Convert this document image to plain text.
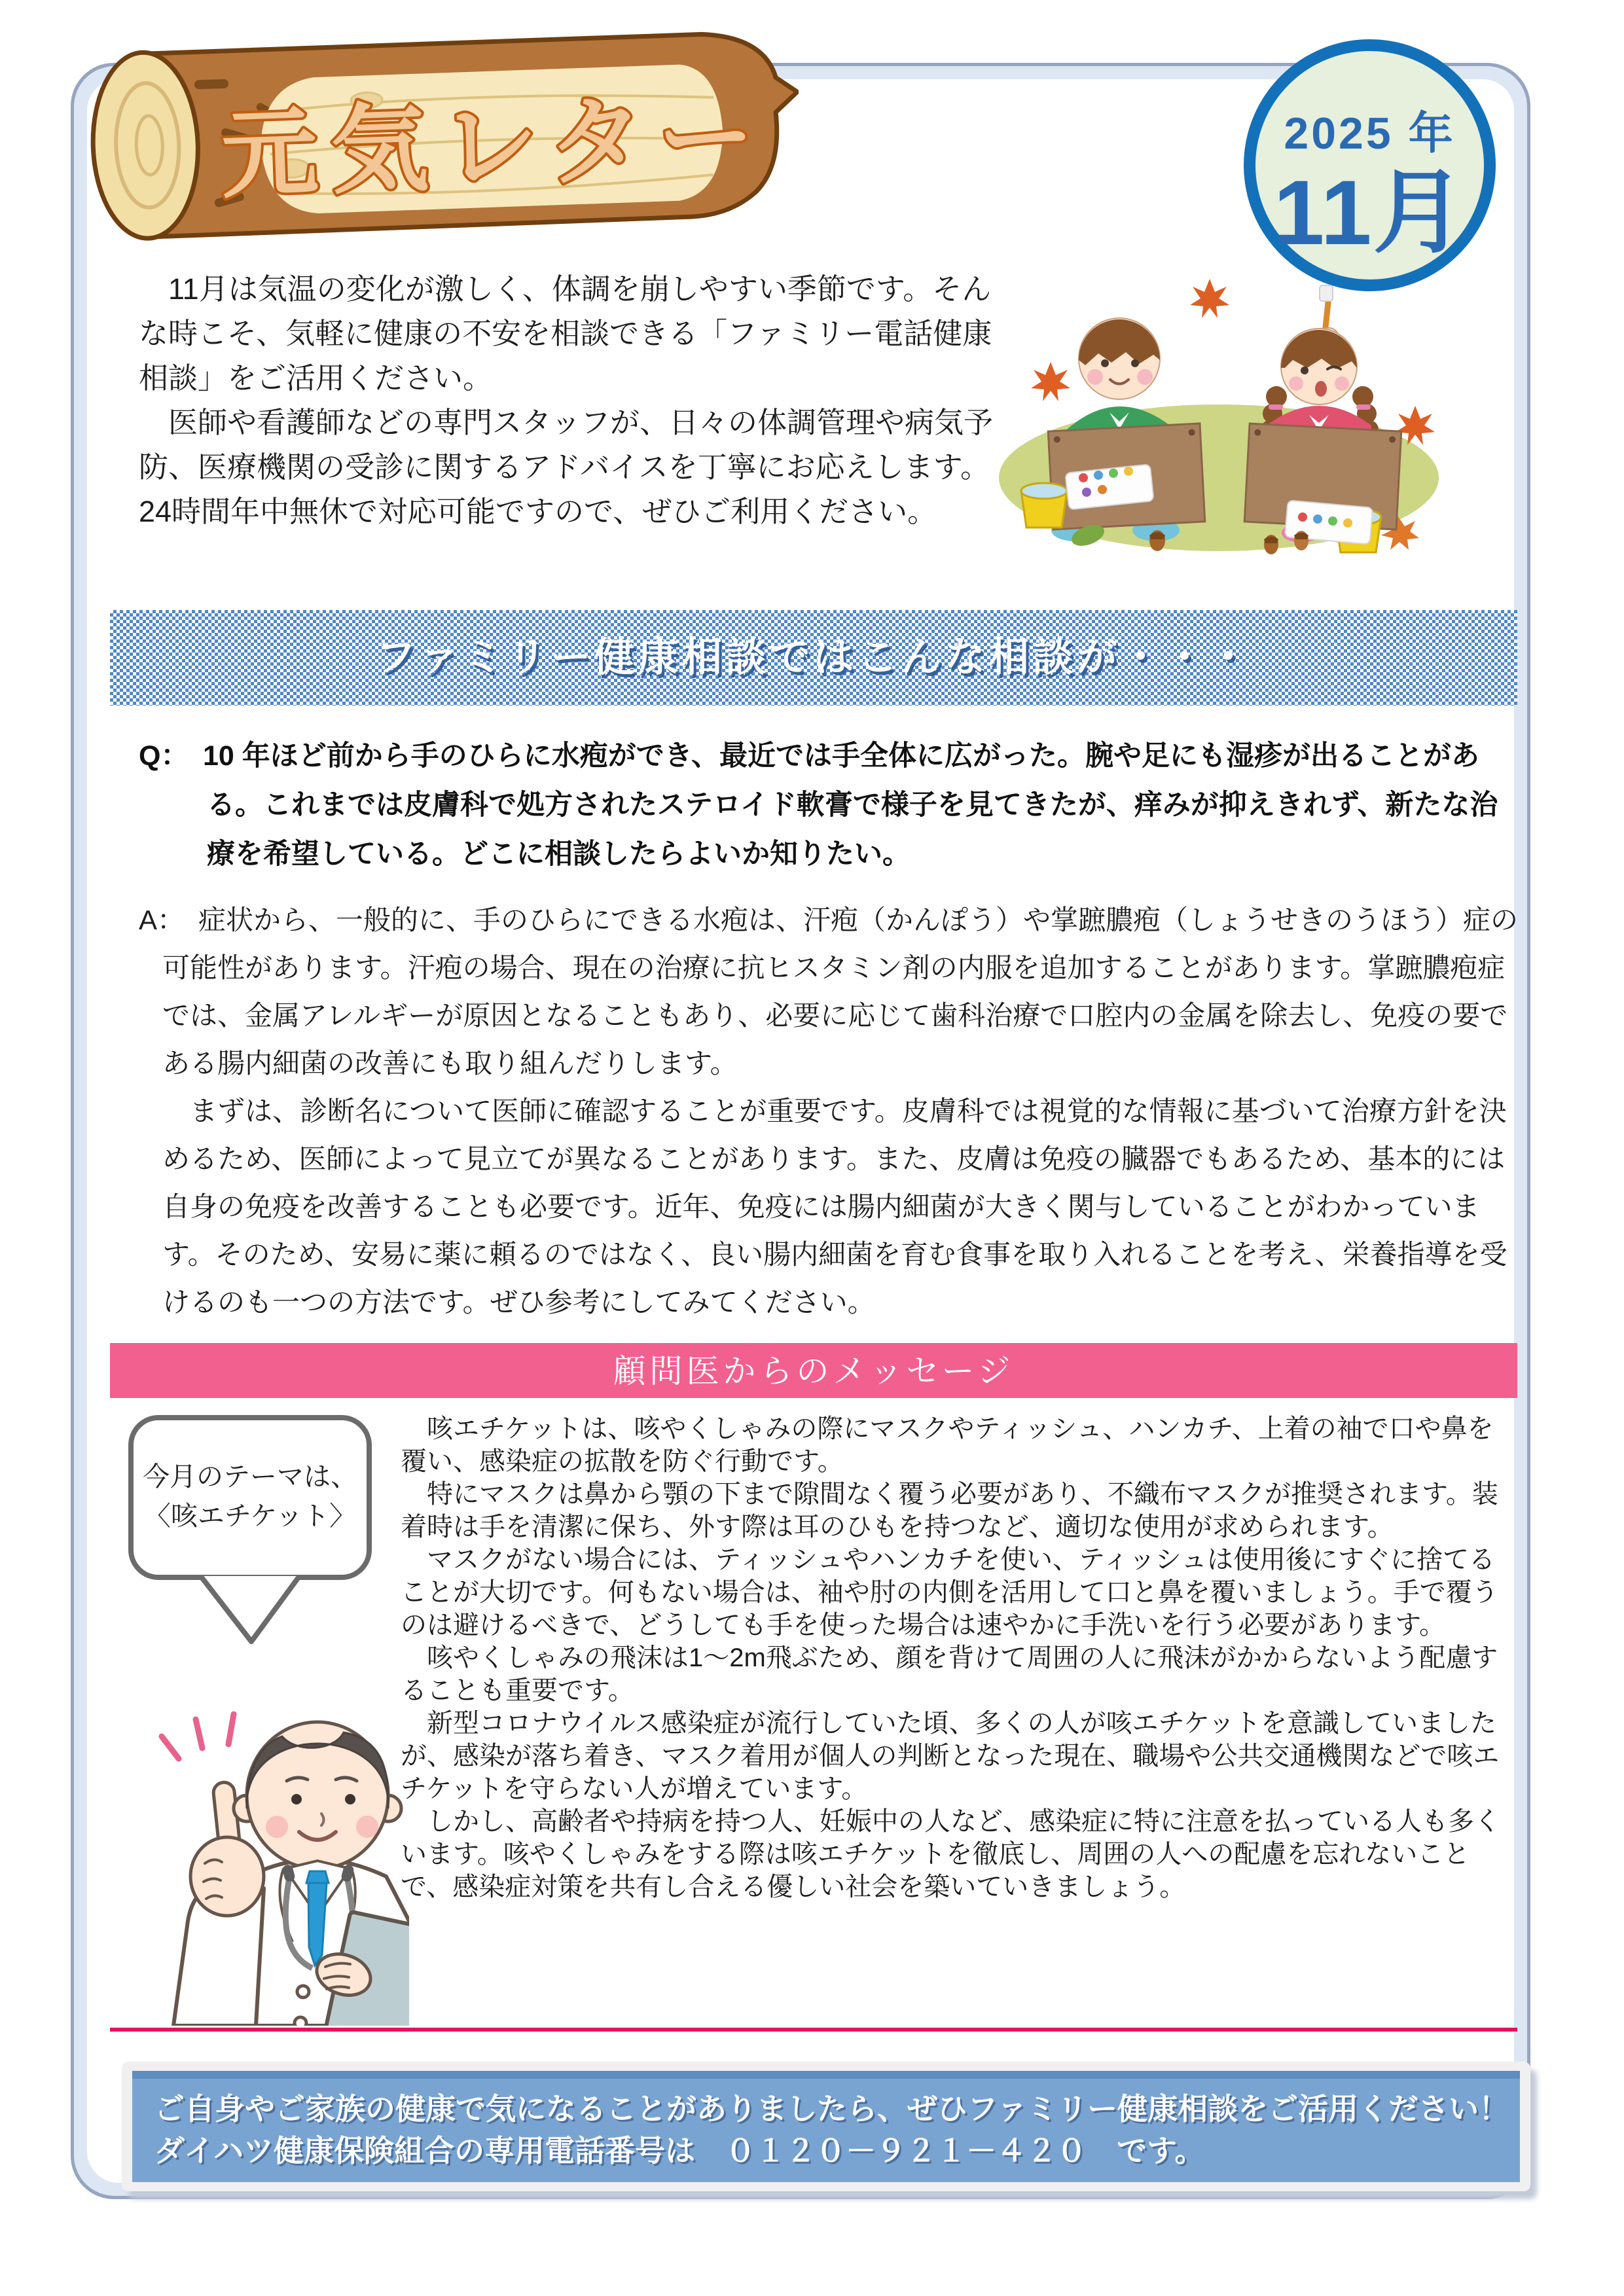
元気レター	2025 年
11月

　11月は気温の変化が激しく、体調を崩しやすい季節です。そんな時こそ、気軽に健康の不安を相談できる「ファミリー電話健康相談」をご活用ください。

　医師や看護師などの専門スタッフが、日々の体調管理や病気予防、医療機関の受診に関するアドバイスを丁寧にお応えします。24時間年中無休で対応可能ですので、ぜひご利用ください。

ファミリー健康相談ではこんな相談が・・・

Q：　 10 年ほど前から手のひらに水疱ができ、最近では手全体に広がった。腕や足にも湿疹が出ることがある。これまでは皮膚科で処方されたステロイド軟膏で様子を見てきたが、痒みが抑えきれず、新たな治療を希望している。どこに相談したらよいか知りたい。

A：　 症状から、一般的に、手のひらにできる水疱は、汗疱（かんぽう）や掌蹠膿疱（しょうせきのうほう）症の可能性があります。汗疱の場合、現在の治療に抗ヒスタミン剤の内服を追加することがあります。掌蹠膿疱症では、金属アレルギーが原因となることもあり、必要に応じて歯科治療で口腔内の金属を除去し、免疫の要である腸内細菌の改善にも取り組んだりします。

　まずは、診断名について医師に確認することが重要です。皮膚科では視覚的な情報に基づいて治療方針を決めるため、医師によって見立てが異なることがあります。また、皮膚は免疫の臓器でもあるため、基本的には自身の免疫を改善することも必要です。近年、免疫には腸内細菌が大きく関与していることがわかっています。そのため、安易に薬に頼るのではなく、良い腸内細菌を育む食事を取り入れることを考え、栄養指導を受けるのも一つの方法です。ぜひ参考にしてみてください。

顧問医からのメッセージ
今月のテーマは、
〈咳エチケット〉

　咳エチケットは、咳やくしゃみの際にマスクやティッシュ、ハンカチ、上着の袖で口や鼻を覆い、感染症の拡散を防ぐ行動です。

　特にマスクは鼻から顎の下まで隙間なく覆う必要があり、不織布マスクが推奨されます。装着時は手を清潔に保ち、外す際は耳のひもを持つなど、適切な使用が求められます。

　マスクがない場合には、ティッシュやハンカチを使い、ティッシュは使用後にすぐに捨てることが大切です。何もない場合は、袖や肘の内側を活用して口と鼻を覆いましょう。手で覆うのは避けるべきで、どうしても手を使った場合は速やかに手洗いを行う必要があります。

　咳やくしゃみの飛沫は1～2m飛ぶため、顔を背けて周囲の人に飛沫がかからないよう配慮することも重要です。

　新型コロナウイルス感染症が流行していた頃、多くの人が咳エチケットを意識していましたが、感染が落ち着き、マスク着用が個人の判断となった現在、職場や公共交通機関などで咳エチケットを守らない人が増えています。

　しかし、高齢者や持病を持つ人、妊娠中の人など、感染症に特に注意を払っている人も多くいます。咳やくしゃみをする際は咳エチケットを徹底し、周囲の人への配慮を忘れないことで、感染症対策を共有し合える優しい社会を築いていきましょう。

ご自身やご家族の健康で気になることがありましたら、ぜひファミリー健康相談をご活用ください！
ダイハツ健康保険組合の専用電話番号は　０１２０－９２１－４２０　です。
